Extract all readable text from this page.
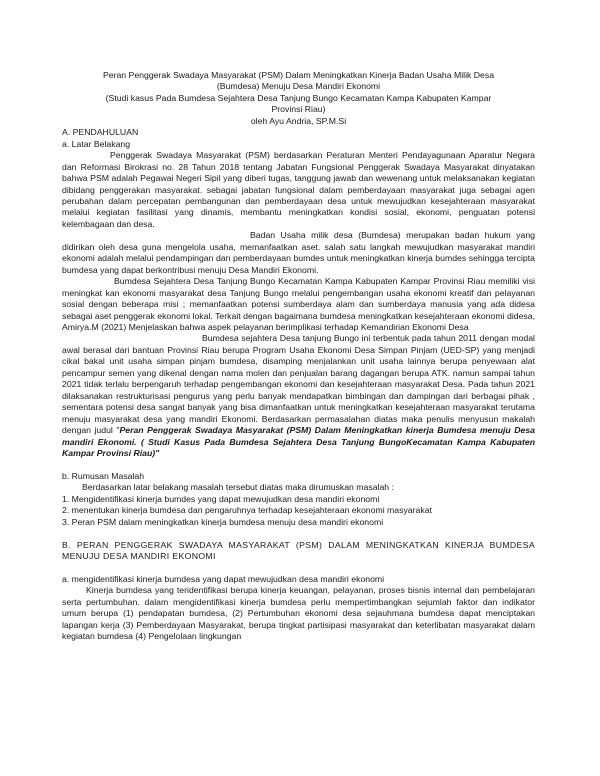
Peran Penggerak Swadaya Masyarakat (PSM) Dalam Meningkatkan Kinerja Badan Usaha Milik Desa

(Bumdesa) Menuju Desa Mandiri Ekonomi

(Studi kasus Pada Bumdesa Sejahtera Desa Tanjung Bungo Kecamatan Kampa Kabupaten Kampar

Provinsi Riau)

oleh Ayu Andria, SP.M.Si

A. PENDAHULUAN

a. Latar Belakang

Penggerak Swadaya Masyarakat (PSM) berdasarkan Peraturan Menteri Pendayagunaan Aparatur Negara dan Reformasi Birokrasi no. 28 Tahun 2018 tentang Jabatan Fungsional Penggerak Swadaya Masyarakat dinyatakan bahwa PSM adalah Pegawai Negeri Sipil yang diberi tugas, tanggung jawab dan wewenang untuk melaksanakan kegiatan dibidang penggerakan masyarakat. sebagai jabatan fungsional dalam pemberdayaan masyarakat juga sebagai agen perubahan dalam percepatan pembangunan dan pemberdayaan desa untuk mewujudkan kesejahteraan masyarakat melalui kegiatan fasilitasi yang dinamis, membantu meningkatkan kondisi sosial, ekonomi, penguatan potensi kelembagaan dan desa.

Badan Usaha milik desa (Bumdesa) merupakan badan hukum yang didirikan oleh desa guna mengelola usaha, memanfaatkan aset. salah satu langkah mewujudkan masyarakat mandiri ekonomi adalah melalui pendampingan dan pemberdayaan bumdes untuk meningkatkan kinerja bumdes sehingga tercipta bumdesa yang dapat berkontribusi menuju Desa Mandiri Ekonomi.

Bumdesa Sejahtera Desa Tanjung Bungo Kecamatan Kampa Kabupaten Kampar Provinsi Riau memiliki visi meningkat kan ekonomi masyarakat desa Tanjung Bungo melalui pengembangan usaha ekonomi kreatif dan pelayanan sosial dengan beberapa misi ; memanfaatkan potensi sumberdaya alam dan sumberdaya manusia yang ada didesa sebagai aset penggerak ekonomi lokal. Terkait dengan bagaimana bumdesa meningkatkan kesejahteraan ekonomi didesa, Amirya.M (2021) Menjelaskan bahwa aspek pelayanan berimplikasi terhadap Kemandirian Ekonomi Desa

Bumdesa sejahtera Desa tanjung Bungo ini terbentuk pada tahun 2011 dengan modal awal berasal dari bantuan Provinsi Riau berupa Program Usaha Ekonomi Desa Simpan Pinjam (UED-SP) yang menjadi cikal bakal unit usaha simpan pinjam bumdesa, disamping menjalankan unit usaha lainnya berupa penyewaan alat pencampur semen yang dikenal dengan nama molen dan penjualan barang dagangan berupa ATK. namun sampai tahun 2021 tidak terlalu berpengaruh terhadap pengembangan ekonomi dan kesejahteraan masyarakat Desa. Pada tahun 2021 dilaksanakan restrukturisasi pengurus yang perlu banyak mendapatkan bimbingan dan dampingan dari berbagai pihak , sementara potensi desa sangat banyak yang bisa dimanfaatkan untuk meningkatkan kesejahteraan masyarakat terutama menuju masyarakat desa yang mandiri Ekonomi. Berdasarkan permasalahan diatas maka penulis menyusun makalah dengan judul "Peran Penggerak Swadaya Masyarakat (PSM) Dalam Meningkatkan kinerja Bumdesa menuju Desa mandiri Ekonomi. ( Studi Kasus Pada Bumdesa Sejahtera Desa Tanjung BungoKecamatan Kampa Kabupaten Kampar Provinsi Riau)"

b. Rumusan Masalah

Berdasarkan latar belakang masalah tersebut diatas maka dirumuskan masalah :

1. Mengidentifikasi kinerja bumdes yang dapat mewujudkan desa mandiri ekonomi

2. menentukan kinerja bumdesa dan pengaruhnya terhadap kesejahteraan ekonomi masyarakat

3. Peran PSM dalam meningkatkan kinerja bumdesa menuju desa mandiri ekonomi

B. PERAN PENGGERAK SWADAYA MASYARAKAT (PSM) DALAM MENINGKATKAN KINERJA BUMDESA MENUJU DESA MANDIRI EKONOMI

a. mengidentifikasi kinerja bumdesa yang dapat mewujudkan desa mandiri ekonomi

Kinerja bumdesa yang teridentifikasi berupa kinerja keuangan, pelayanan, proses bisnis internal dan pembelajaran serta pertumbuhan. dalam mengidentifikasi kinerja bumdesa perlu mempertimbangkan sejumlah faktor dan indikator umum berupa (1) pendapatan bumdesa, (2) Pertumbuhan ekonomi desa sejauhmana bumdesa dapat menciptakan lapangan kerja (3) Pemberdayaan Masyarakat, berupa tingkat partisipasi masyarakat dan keterlibatan masyarakat dalam kegiatan bumdesa (4) Pengelolaan lingkungan
